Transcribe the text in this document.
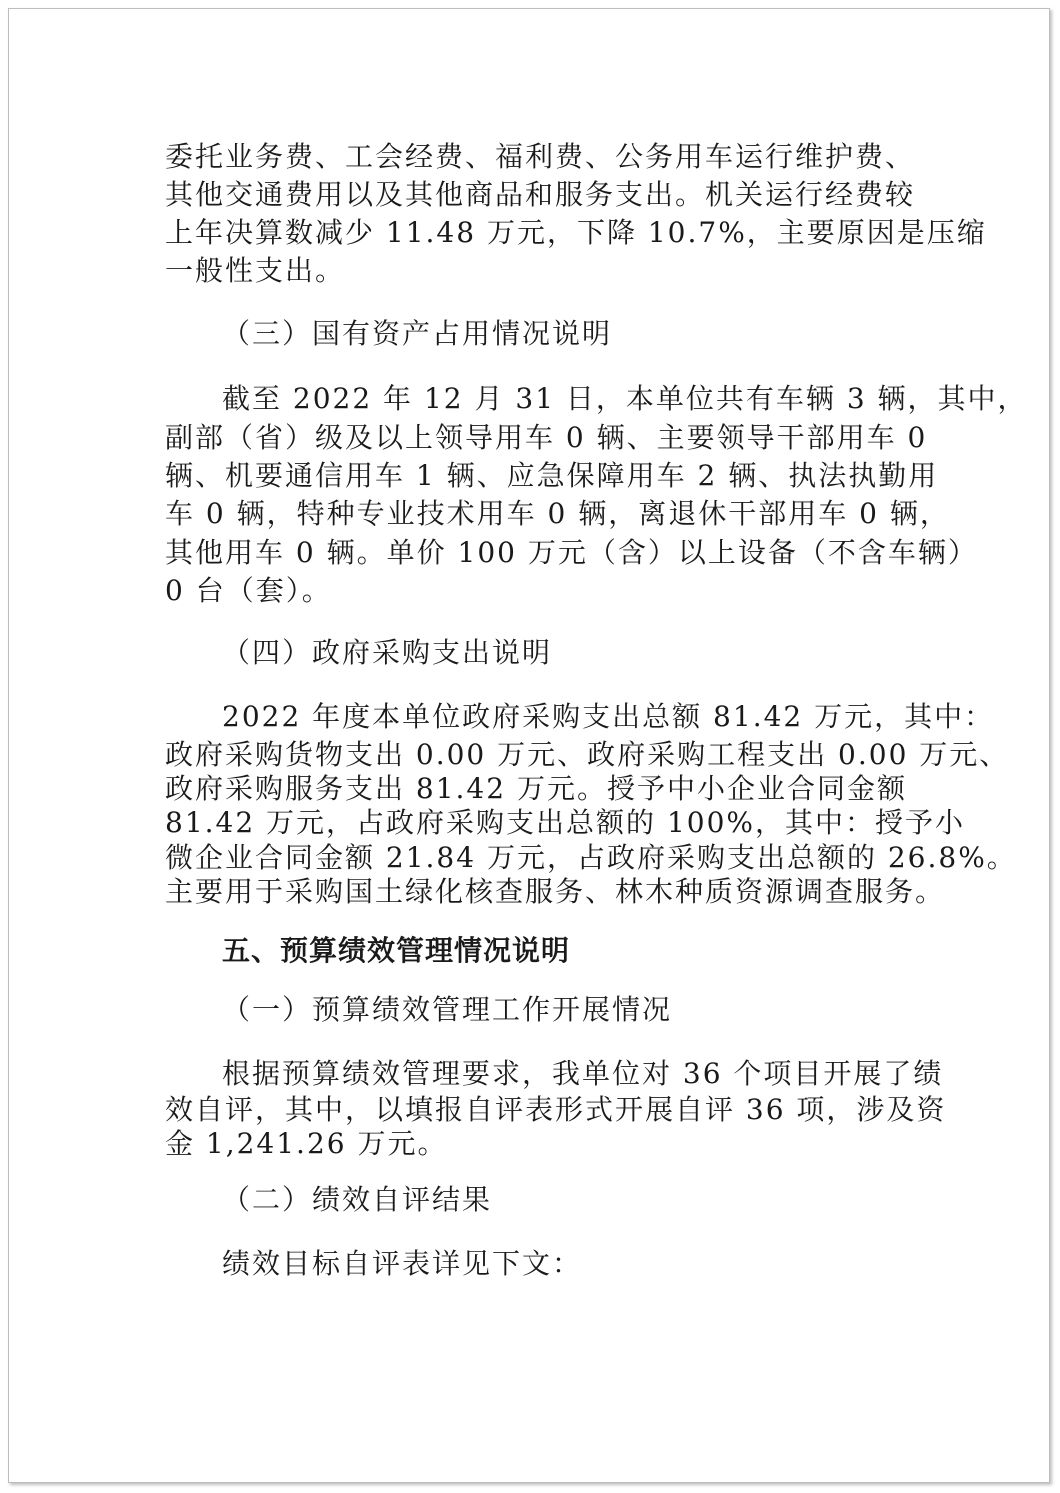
委托业务费、工会经费、福利费、公务用车运行维护费、
其他交通费用以及其他商品和服务支出。机关运行经费较
上年决算数减少 11.48 万元，下降 10.7%，主要原因是压缩
一般性支出。
（三）国有资产占用情况说明
截至 2022 年 12 月 31 日，本单位共有车辆 3 辆，其中，
副部（省）级及以上领导用车 0 辆、主要领导干部用车 0
辆、机要通信用车 1 辆、应急保障用车 2 辆、执法执勤用
车 0 辆，特种专业技术用车 0 辆，离退休干部用车 0 辆，
其他用车 0 辆。单价 100 万元（含）以上设备（不含车辆）
0 台（套）。
（四）政府采购支出说明
2022 年度本单位政府采购支出总额 81.42 万元，其中：
政府采购货物支出 0.00 万元、政府采购工程支出 0.00 万元、
政府采购服务支出 81.42 万元。授予中小企业合同金额
81.42 万元，占政府采购支出总额的 100%，其中：授予小
微企业合同金额 21.84 万元，占政府采购支出总额的 26.8%。
主要用于采购国土绿化核查服务、林木种质资源调查服务。
五、预算绩效管理情况说明
（一）预算绩效管理工作开展情况
根据预算绩效管理要求，我单位对 36 个项目开展了绩
效自评，其中，以填报自评表形式开展自评 36 项，涉及资
金 1,241.26 万元。
（二）绩效自评结果
绩效目标自评表详见下文：
